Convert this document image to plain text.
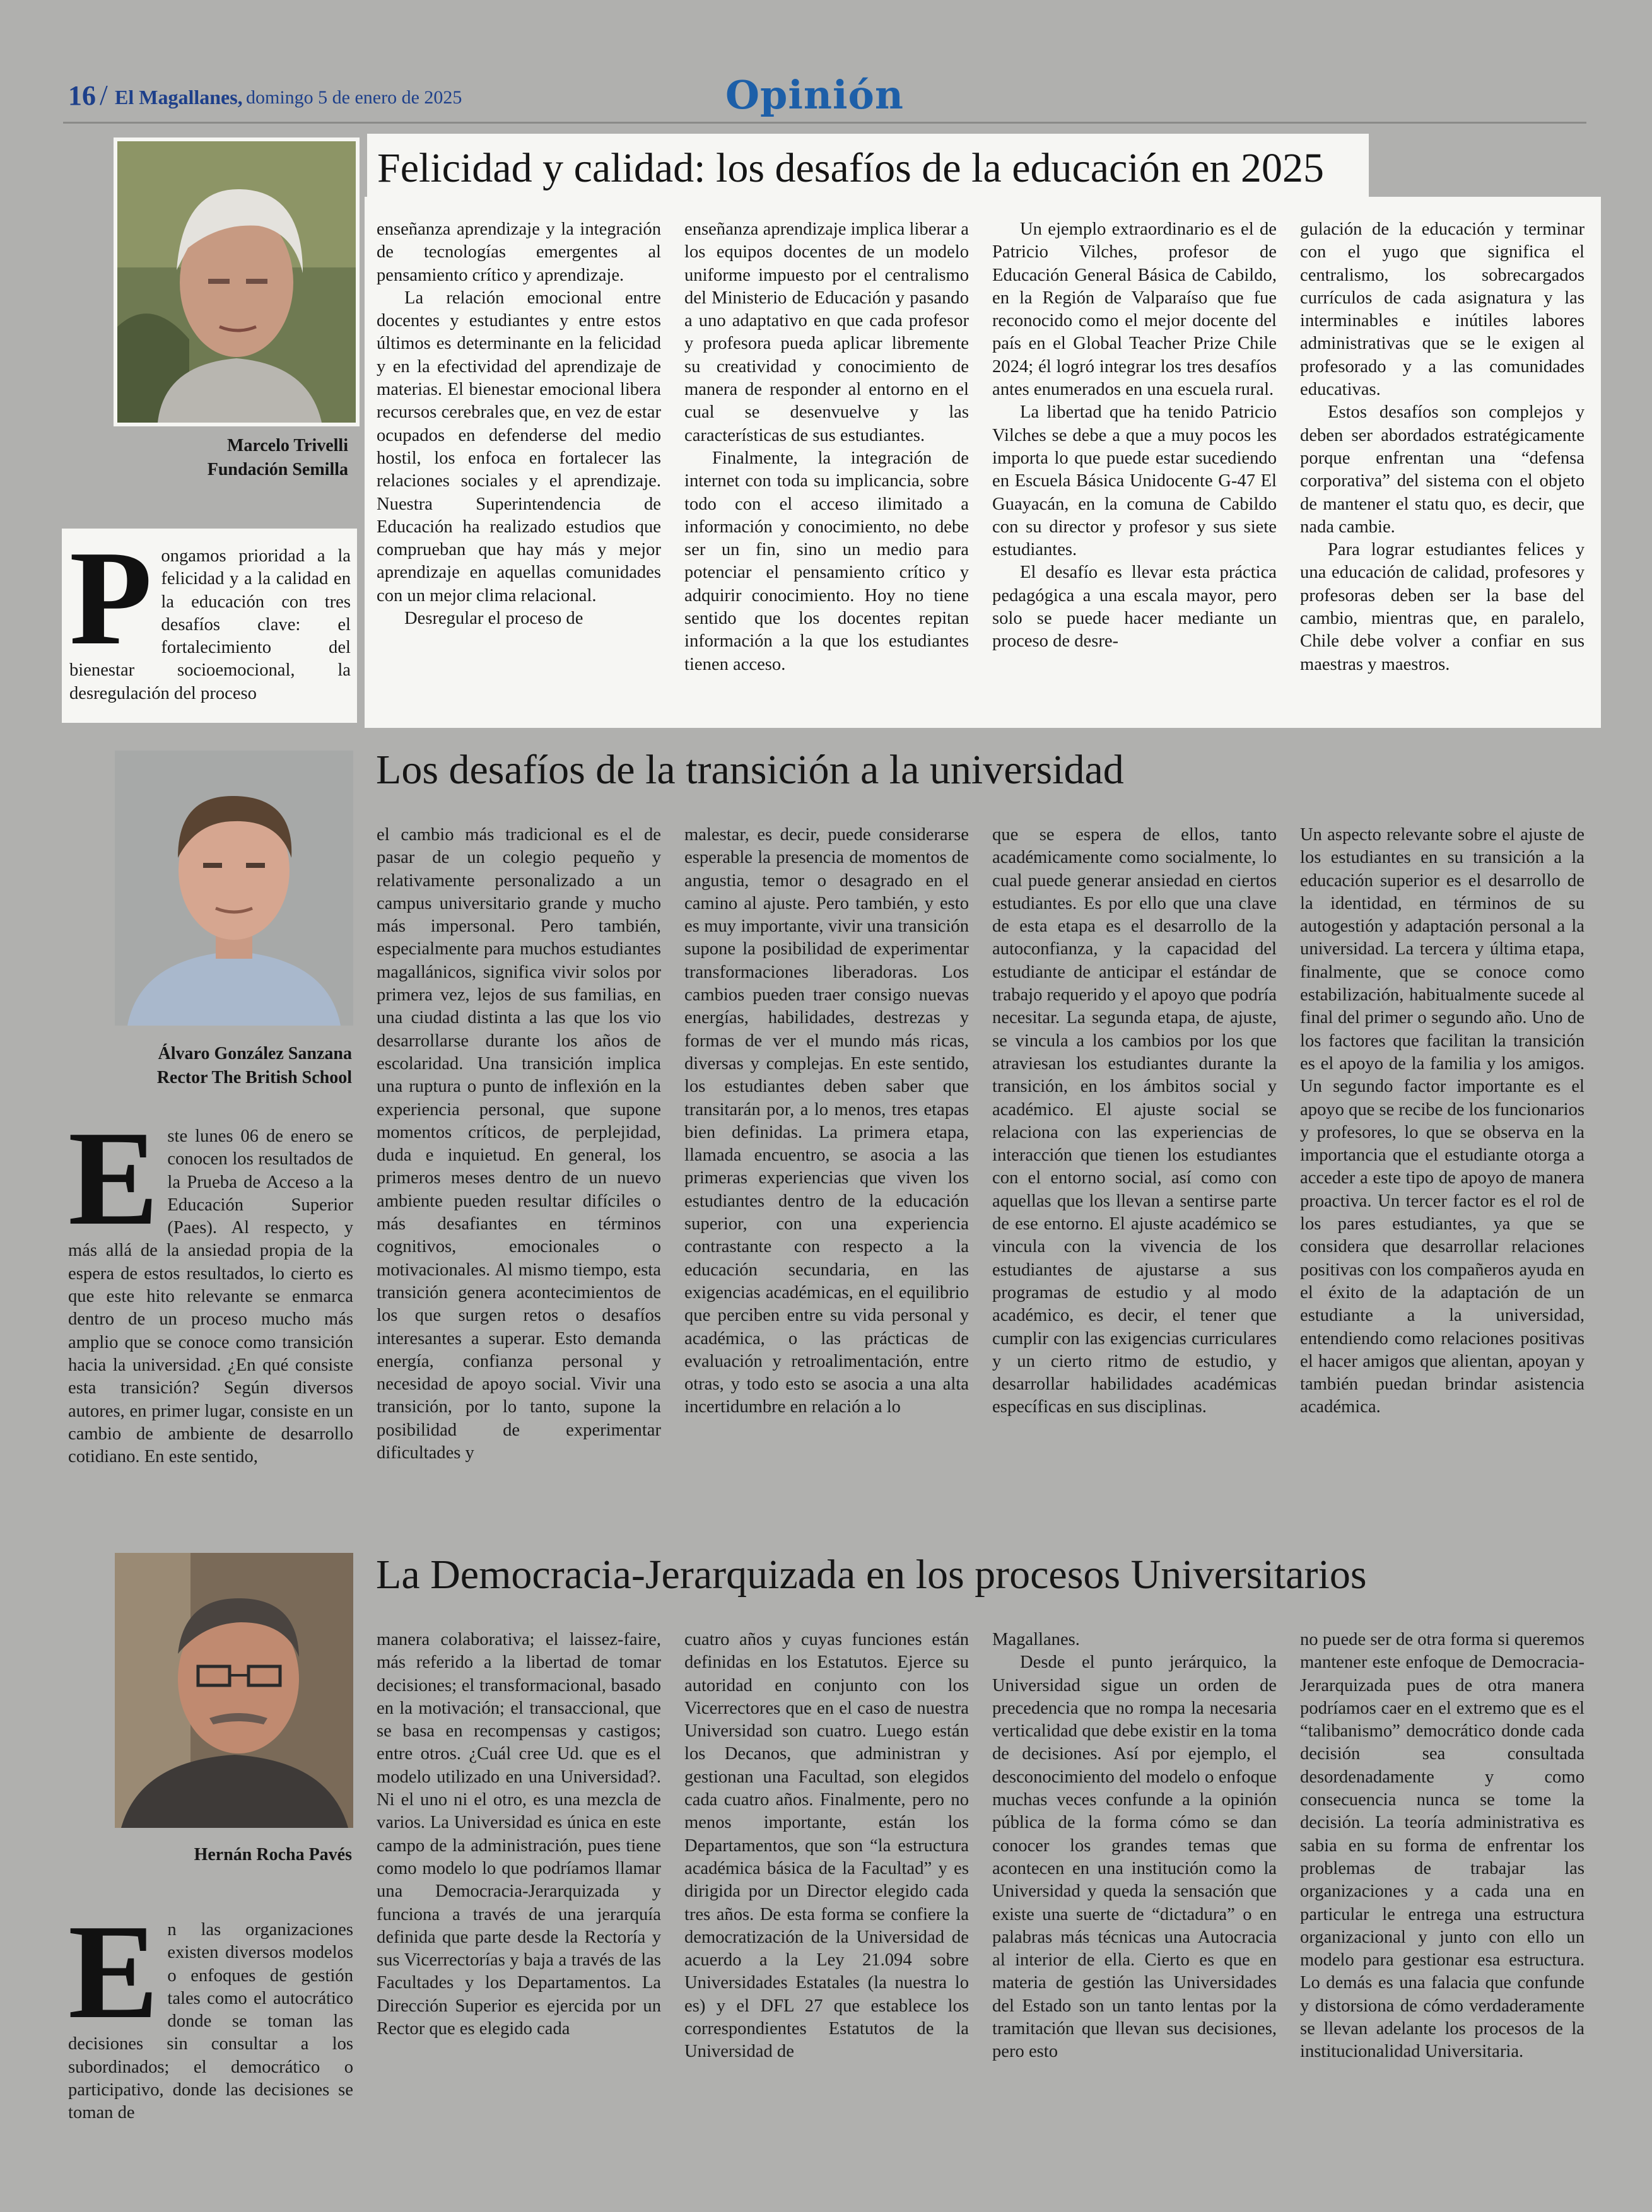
16 / El Magallanes, domingo 5 de enero de 2025	Opinión
Felicidad y calidad: los desafíos de la educación en 2025
Marcelo Trivelli
Fundación Semilla
P ongamos prioridad a la felicidad y a la calidad en la educación con tres desafíos clave: el fortalecimiento del bienestar socioemocional, la desregulación del proceso

enseñanza aprendizaje y la integración de tecnologías emergentes al pensamiento crítico y aprendizaje.

La relación emocional entre docentes y estudiantes y entre estos últimos es determinante en la felicidad y en la efectividad del aprendizaje de materias. El bienestar emocional libera recursos cerebrales que, en vez de estar ocupados en defenderse del medio hostil, los enfoca en fortalecer las relaciones sociales y el aprendizaje. Nuestra Superintendencia de Educación ha realizado estudios que comprueban que hay más y mejor aprendizaje en aquellas comunidades con un mejor clima relacional.

Desregular el proceso de

enseñanza aprendizaje implica liberar a los equipos docentes de un modelo uniforme impuesto por el centralismo del Ministerio de Educación y pasando a uno adaptativo en que cada profesor y profesora pueda aplicar libremente su creatividad y conocimiento de manera de responder al entorno en el cual se desenvuelve y las características de sus estudiantes.

Finalmente, la integración de internet con toda su implicancia, sobre todo con el acceso ilimitado a información y conocimiento, no debe ser un fin, sino un medio para potenciar el pensamiento crítico y adquirir conocimiento. Hoy no tiene sentido que los docentes repitan información a la que los estudiantes tienen acceso.

Un ejemplo extraordinario es el de Patricio Vilches, profesor de Educación General Básica de Cabildo, en la Región de Valparaíso que fue reconocido como el mejor docente del país en el Global Teacher Prize Chile 2024; él logró integrar los tres desafíos antes enumerados en una escuela rural.

La libertad que ha tenido Patricio Vilches se debe a que a muy pocos les importa lo que puede estar sucediendo en Escuela Básica Unidocente G-47 El Guayacán, en la comuna de Cabildo con su director y profesor y sus siete estudiantes.

El desafío es llevar esta práctica pedagógica a una escala mayor, pero solo se puede hacer mediante un proceso de desre-

gulación de la educación y terminar con el yugo que significa el centralismo, los sobrecargados currículos de cada asignatura y las interminables e inútiles labores administrativas que se le exigen al profesorado y a las comunidades educativas.

Estos desafíos son complejos y deben ser abordados estratégicamente porque enfrentan una “defensa corporativa” del sistema con el objeto de mantener el statu quo, es decir, que nada cambie.

Para lograr estudiantes felices y una educación de calidad, profesores y profesoras deben ser la base del cambio, mientras que, en paralelo, Chile debe volver a confiar en sus maestras y maestros.

Los desafíos de la transición a la universidad
Álvaro González Sanzana
Rector The British School
E ste lunes 06 de enero se conocen los resultados de la Prueba de Acceso a la Educación Superior (Paes). Al respecto, y más allá de la ansiedad propia de la espera de estos resultados, lo cierto es que este hito relevante se enmarca dentro de un proceso mucho más amplio que se conoce como transición hacia la universidad. ¿En qué consiste esta transición? Según diversos autores, en primer lugar, consiste en un cambio de ambiente de desarrollo cotidiano. En este sentido,

el cambio más tradicional es el de pasar de un colegio pequeño y relativamente personalizado a un campus universitario grande y mucho más impersonal. Pero también, especialmente para muchos estudiantes magallánicos, significa vivir solos por primera vez, lejos de sus familias, en una ciudad distinta a las que los vio desarrollarse durante los años de escolaridad. Una transición implica una ruptura o punto de inflexión en la experiencia personal, que supone momentos críticos, de perplejidad, duda e inquietud. En general, los primeros meses dentro de un nuevo ambiente pueden resultar difíciles o más desafiantes en términos cognitivos, emocionales o motivacionales. Al mismo tiempo, esta transición genera acontecimientos de los que surgen retos o desafíos interesantes a superar. Esto demanda energía, confianza personal y necesidad de apoyo social. Vivir una transición, por lo tanto, supone la posibilidad de experimentar dificultades y

malestar, es decir, puede considerarse esperable la presencia de momentos de angustia, temor o desagrado en el camino al ajuste. Pero también, y esto es muy importante, vivir una transición supone la posibilidad de experimentar transformaciones liberadoras. Los cambios pueden traer consigo nuevas energías, habilidades, destrezas y formas de ver el mundo más ricas, diversas y complejas. En este sentido, los estudiantes deben saber que transitarán por, a lo menos, tres etapas bien definidas. La primera etapa, llamada encuentro, se asocia a las primeras experiencias que viven los estudiantes dentro de la educación superior, con una experiencia contrastante con respecto a la educación secundaria, en las exigencias académicas, en el equilibrio que perciben entre su vida personal y académica, o las prácticas de evaluación y retroalimentación, entre otras, y todo esto se asocia a una alta incertidumbre en relación a lo

que se espera de ellos, tanto académicamente como socialmente, lo cual puede generar ansiedad en ciertos estudiantes. Es por ello que una clave de esta etapa es el desarrollo de la autoconfianza, y la capacidad del estudiante de anticipar el estándar de trabajo requerido y el apoyo que podría necesitar. La segunda etapa, de ajuste, se vincula a los cambios por los que atraviesan los estudiantes durante la transición, en los ámbitos social y académico. El ajuste social se relaciona con las experiencias de interacción que tienen los estudiantes con el entorno social, así como con aquellas que los llevan a sentirse parte de ese entorno. El ajuste académico se vincula con la vivencia de los estudiantes de ajustarse a sus programas de estudio y al modo académico, es decir, el tener que cumplir con las exigencias curriculares y un cierto ritmo de estudio, y desarrollar habilidades académicas específicas en sus disciplinas.

Un aspecto relevante sobre el ajuste de los estudiantes en su transición a la educación superior es el desarrollo de la identidad, en términos de su autogestión y adaptación personal a la universidad. La tercera y última etapa, finalmente, que se conoce como estabilización, habitualmente sucede al final del primer o segundo año. Uno de los factores que facilitan la transición es el apoyo de la familia y los amigos. Un segundo factor importante es el apoyo que se recibe de los funcionarios y profesores, lo que se observa en la importancia que el estudiante otorga a acceder a este tipo de apoyo de manera proactiva. Un tercer factor es el rol de los pares estudiantes, ya que se considera que desarrollar relaciones positivas con los compañeros ayuda en el éxito de la adaptación de un estudiante a la universidad, entendiendo como relaciones positivas el hacer amigos que alientan, apoyan y también puedan brindar asistencia académica.

La Democracia-Jerarquizada en los procesos Universitarios
Hernán Rocha Pavés
E n las organizaciones existen diversos modelos o enfoques de gestión tales como el autocrático donde se toman las decisiones sin consultar a los subordinados; el democrático o participativo, donde las decisiones se toman de

manera colaborativa; el laissez-faire, más referido a la libertad de tomar decisiones; el transformacional, basado en la motivación; el transaccional, que se basa en recompensas y castigos; entre otros. ¿Cuál cree Ud. que es el modelo utilizado en una Universidad?. Ni el uno ni el otro, es una mezcla de varios. La Universidad es única en este campo de la administración, pues tiene como modelo lo que podríamos llamar una Democracia-Jerarquizada y funciona a través de una jerarquía definida que parte desde la Rectoría y sus Vicerrectorías y baja a través de las Facultades y los Departamentos. La Dirección Superior es ejercida por un Rector que es elegido cada

cuatro años y cuyas funciones están definidas en los Estatutos. Ejerce su autoridad en conjunto con los Vicerrectores que en el caso de nuestra Universidad son cuatro. Luego están los Decanos, que administran y gestionan una Facultad, son elegidos cada cuatro años. Finalmente, pero no menos importante, están los Departamentos, que son “la estructura académica básica de la Facultad” y es dirigida por un Director elegido cada tres años. De esta forma se confiere la democratización de la Universidad de acuerdo a la Ley 21.094 sobre Universidades Estatales (la nuestra lo es) y el DFL 27 que establece los correspondientes Estatutos de la Universidad de

Magallanes.

Desde el punto jerárquico, la Universidad sigue un orden de precedencia que no rompa la necesaria verticalidad que debe existir en la toma de decisiones. Así por ejemplo, el desconocimiento del modelo o enfoque muchas veces confunde a la opinión pública de la forma cómo se dan conocer los grandes temas que acontecen en una institución como la Universidad y queda la sensación que existe una suerte de “dictadura” o en palabras más técnicas una Autocracia al interior de ella. Cierto es que en materia de gestión las Universidades del Estado son un tanto lentas por la tramitación que llevan sus decisiones, pero esto

no puede ser de otra forma si queremos mantener este enfoque de Democracia-Jerarquizada pues de otra manera podríamos caer en el extremo que es el “talibanismo” democrático donde cada decisión sea consultada desordenadamente y como consecuencia nunca se tome la decisión. La teoría administrativa es sabia en su forma de enfrentar los problemas de trabajar las organizaciones y a cada una en particular le entrega una estructura organizacional y junto con ello un modelo para gestionar esa estructura. Lo demás es una falacia que confunde y distorsiona de cómo verdaderamente se llevan adelante los procesos de la institucionalidad Universitaria.
